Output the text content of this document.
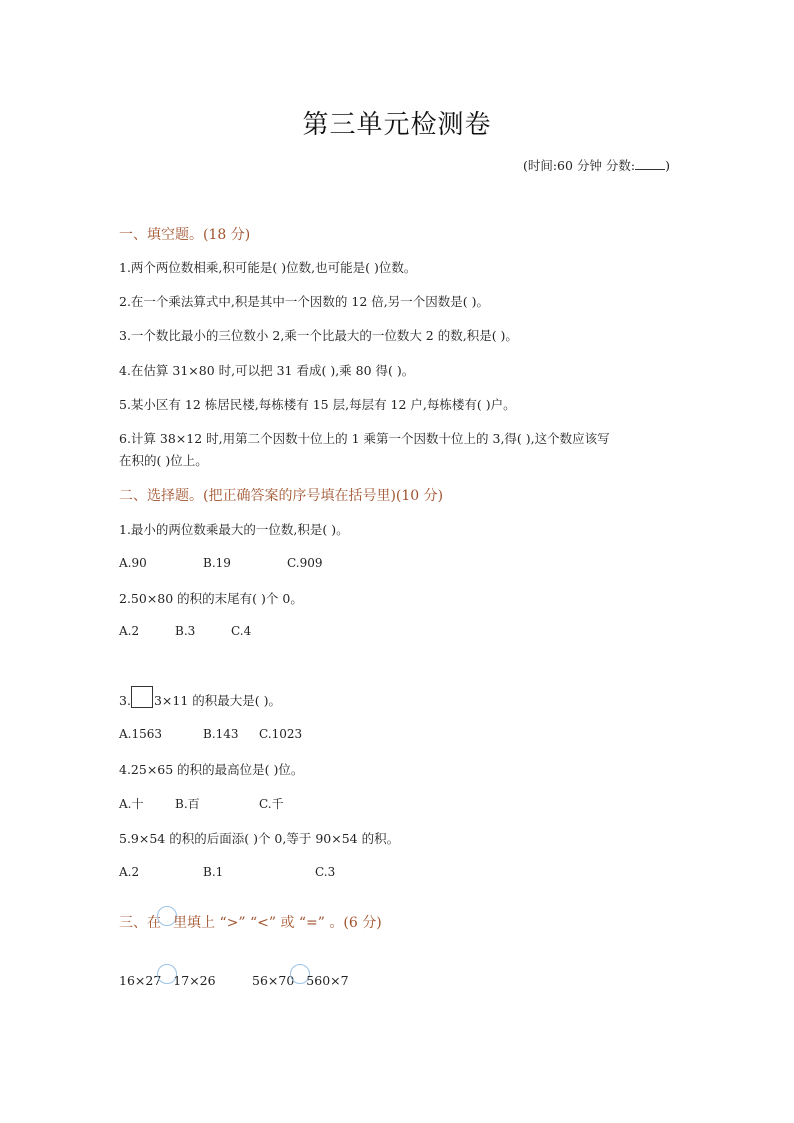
第三单元检测卷
(时间:60 分钟 分数: )
一、填空题。(18 分)
1.两个两位数相乘,积可能是( )位数,也可能是( )位数。
2.在一个乘法算式中,积是其中一个因数的 12 倍,另一个因数是( )。
3.一个数比最小的三位数小 2,乘一个比最大的一位数大 2 的数,积是( )。
4.在估算 31×80 时,可以把 31 看成( ),乘 80 得( )。
5.某小区有 12 栋居民楼,每栋楼有 15 层,每层有 12 户,每栋楼有( )户。
6.计算 38×12 时,用第二个因数十位上的 1 乘第一个因数十位上的 3,得( ),这个数应该写
在积的( )位上。
二、选择题。(把正确答案的序号填在括号里)(10 分)
1.最小的两位数乘最大的一位数,积是( )。
A.90	B.19	C.909
2.50×80 的积的末尾有( )个 0。
A.2	B.3	C.4
3. 3×11 的积最大是( )。
A.1563	B.143 C.1023
4.25×65 的积的最高位是( )位。
A.十	B.百	C.千
5.9×54 的积的后面添( )个 0,等于 90×54 的积。
A.2	B.1	C.3
三、在 里填上 “>” “<” 或 “=” 。(6 分)
16×27 17×26	56×70 560×7
